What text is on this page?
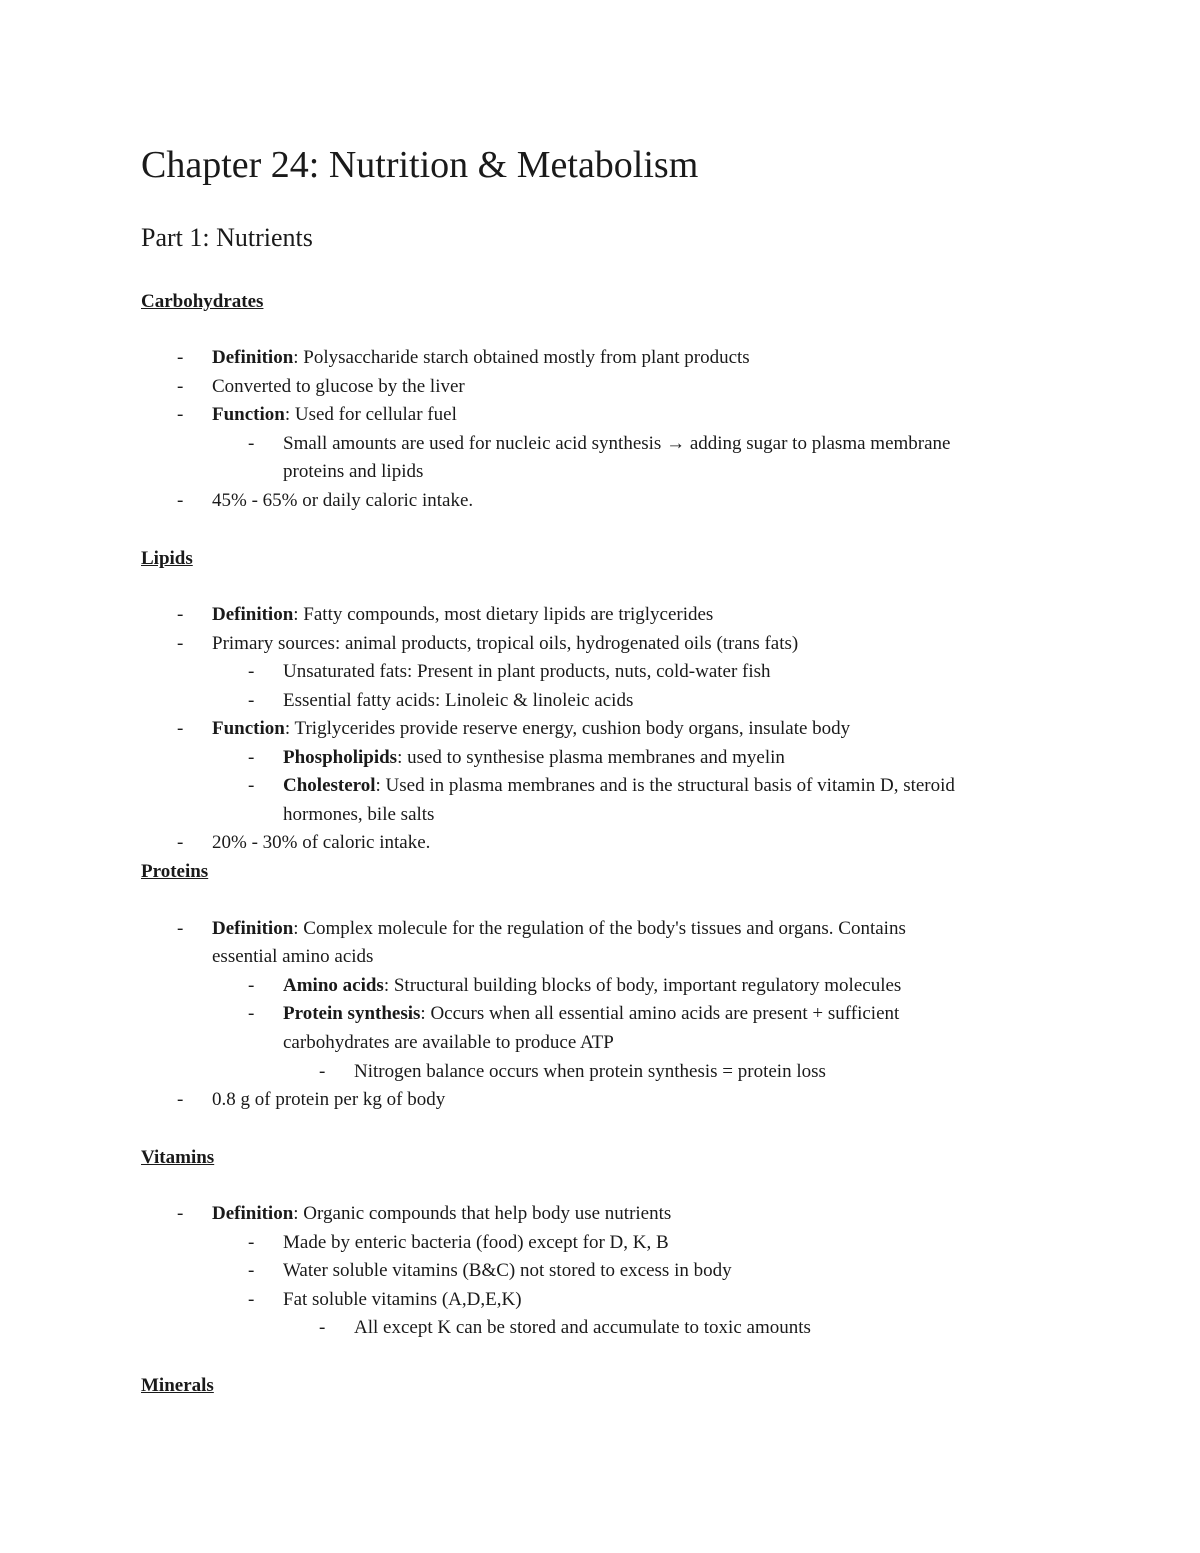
Chapter 24: Nutrition & Metabolism
Part 1: Nutrients
Carbohydrates
- Definition: Polysaccharide starch obtained mostly from plant products
- Converted to glucose by the liver
- Function: Used for cellular fuel
- Small amounts are used for nucleic acid synthesis → adding sugar to plasma membrane
proteins and lipids
- 45% - 65% or daily caloric intake.
Lipids
- Definition: Fatty compounds, most dietary lipids are triglycerides
- Primary sources: animal products, tropical oils, hydrogenated oils (trans fats)
- Unsaturated fats: Present in plant products, nuts, cold-water fish
- Essential fatty acids: Linoleic & linoleic acids
- Function: Triglycerides provide reserve energy, cushion body organs, insulate body
- Phospholipids: used to synthesise plasma membranes and myelin
- Cholesterol: Used in plasma membranes and is the structural basis of vitamin D, steroid
hormones, bile salts
- 20% - 30% of caloric intake.
Proteins
- Definition: Complex molecule for the regulation of the body's tissues and organs. Contains
essential amino acids
- Amino acids: Structural building blocks of body, important regulatory molecules
- Protein synthesis: Occurs when all essential amino acids are present + sufficient
carbohydrates are available to produce ATP
- Nitrogen balance occurs when protein synthesis = protein loss
- 0.8 g of protein per kg of body
Vitamins
- Definition: Organic compounds that help body use nutrients
- Made by enteric bacteria (food) except for D, K, B
- Water soluble vitamins (B&C) not stored to excess in body
- Fat soluble vitamins (A,D,E,K)
- All except K can be stored and accumulate to toxic amounts
Minerals
